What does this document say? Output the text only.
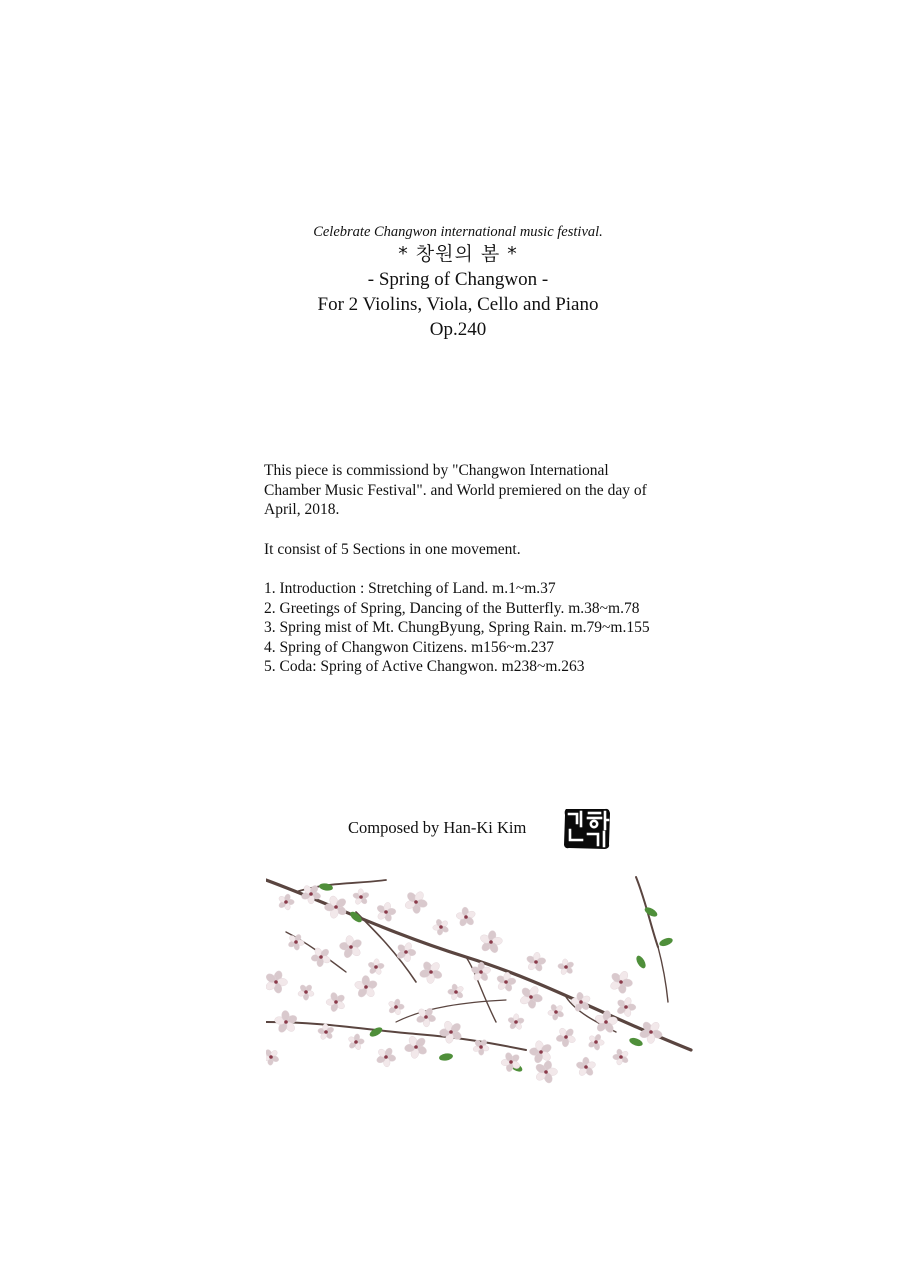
Celebrate Changwon international music festival.

* 창원의 봄 *

- Spring of Changwon -

For 2 Violins, Viola, Cello and Piano

Op.240

This piece is commissiond by "Changwon International

Chamber Music Festival". and World premiered on the day of

April, 2018.

It consist of 5 Sections in one movement.

1. Introduction : Stretching of Land. m.1~m.37
2. Greetings of Spring, Dancing of the Butterfly. m.38~m.78
3. Spring mist of Mt. ChungByung, Spring Rain. m.79~m.155
4. Spring of Changwon Citizens. m156~m.237
5. Coda: Spring of Active Changwon. m238~m.263
Composed by Han-Ki Kim
